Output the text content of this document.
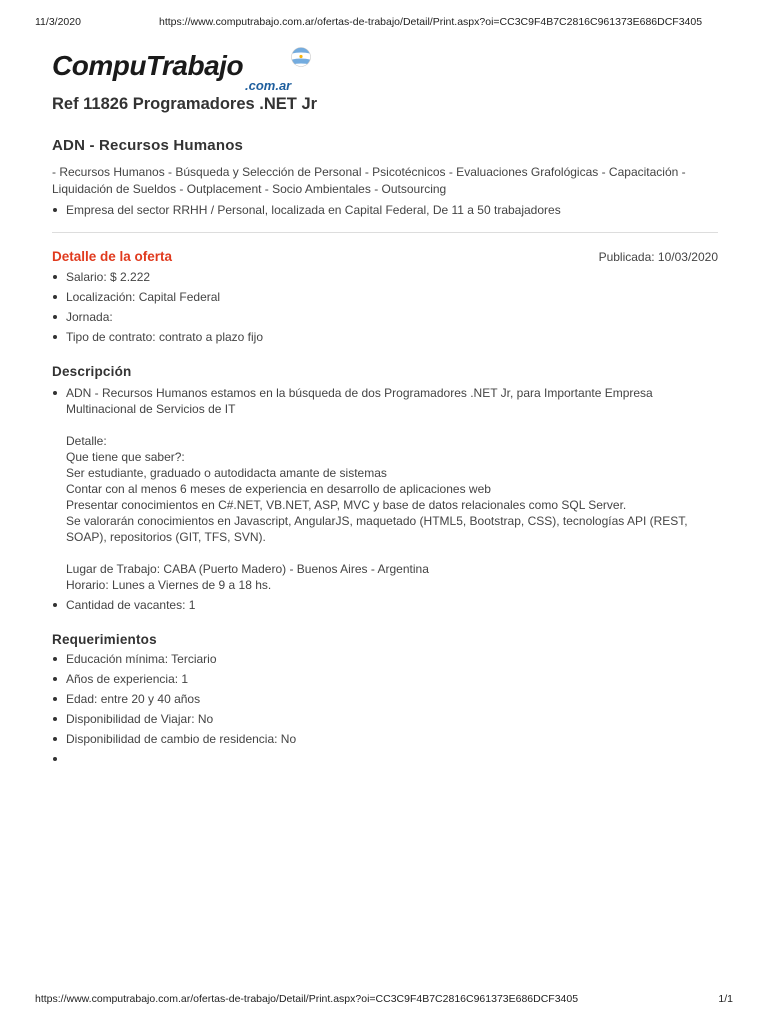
11/3/2020	https://www.computrabajo.com.ar/ofertas-de-trabajo/Detail/Print.aspx?oi=CC3C9F4B7C2816C961373E686DCF3405
CompuTrabajo
.com.ar
Ref 11826 Programadores .NET Jr
ADN - Recursos Humanos

- Recursos Humanos - Búsqueda y Selección de Personal - Psicotécnicos - Evaluaciones Grafológicas - Capacitación - Liquidación de Sueldos - Outplacement - Socio Ambientales - Outsourcing

Empresa del sector RRHH / Personal, localizada en Capital Federal, De 11 a 50 trabajadores
Detalle de la oferta	Publicada: 10/03/2020
Salario: $ 2.222
Localización: Capital Federal
Jornada:
Tipo de contrato: contrato a plazo fijo
Descripción
ADN - Recursos Humanos estamos en la búsqueda de dos Programadores .NET Jr, para Importante Empresa Multinacional de Servicios de IT

Detalle:
Que tiene que saber?:
Ser estudiante, graduado o autodidacta amante de sistemas
Contar con al menos 6 meses de experiencia en desarrollo de aplicaciones web
Presentar conocimientos en C#.NET, VB.NET, ASP, MVC y base de datos relacionales como SQL Server.
Se valorarán conocimientos en Javascript, AngularJS, maquetado (HTML5, Bootstrap, CSS), tecnologías API (REST, SOAP), repositorios (GIT, TFS, SVN).

Lugar de Trabajo: CABA (Puerto Madero) - Buenos Aires - Argentina
Horario: Lunes a Viernes de 9 a 18 hs.
Cantidad de vacantes: 1
Requerimientos
Educación mínima: Terciario
Años de experiencia: 1
Edad: entre 20 y 40 años
Disponibilidad de Viajar: No
Disponibilidad de cambio de residencia: No
https://www.computrabajo.com.ar/ofertas-de-trabajo/Detail/Print.aspx?oi=CC3C9F4B7C2816C961373E686DCF3405	1/1
